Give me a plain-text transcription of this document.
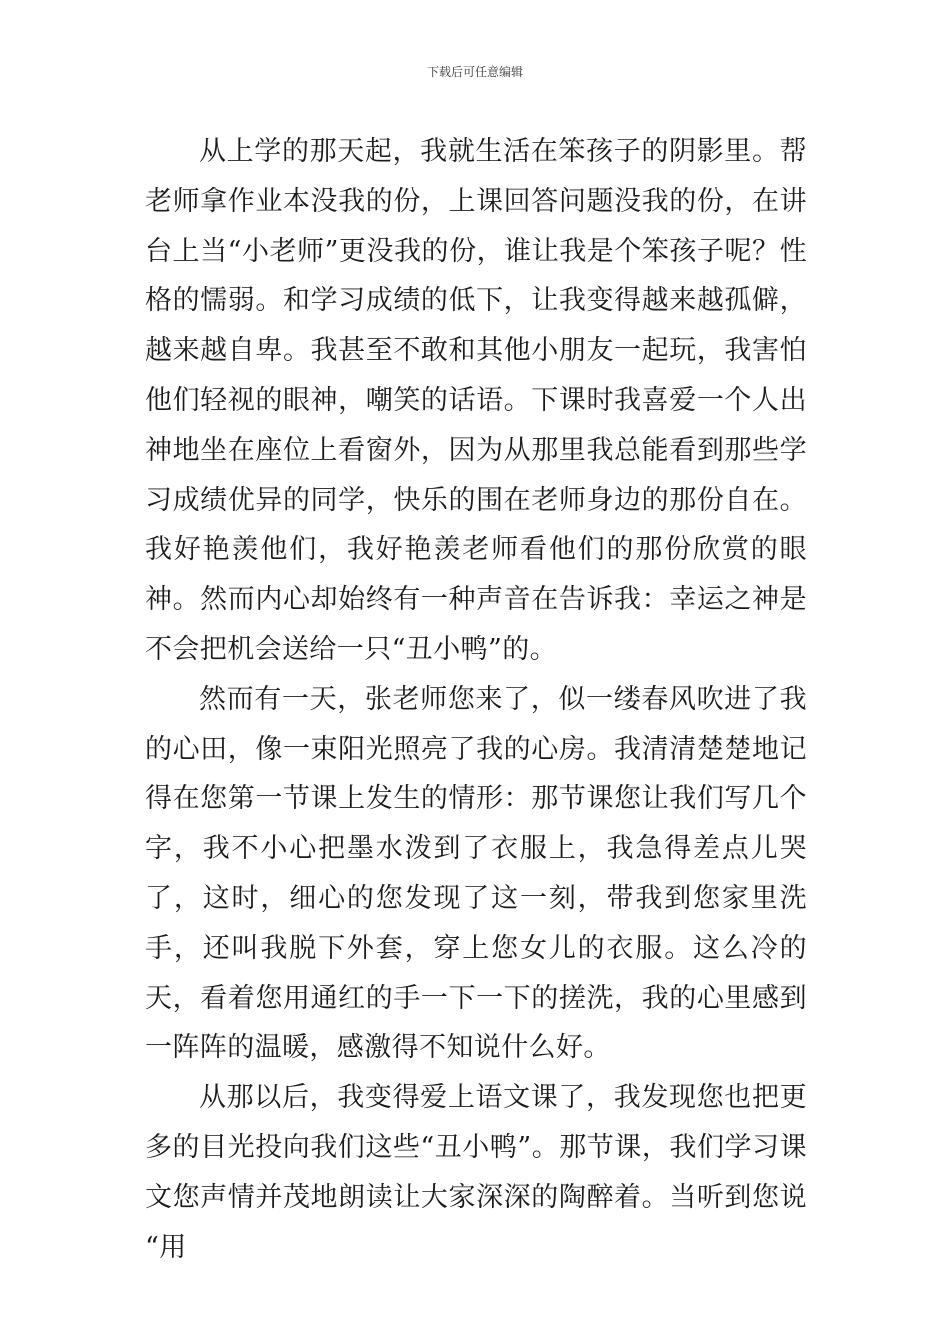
下载后可任意编辑

从上学的那天起，我就生活在笨孩子的阴影里。帮老师拿作业本没我的份，上课回答问题没我的份，在讲台上当“小老师”更没我的份，谁让我是个笨孩子呢？性格的懦弱。和学习成绩的低下，让我变得越来越孤僻，越来越自卑。我甚至不敢和其他小朋友一起玩，我害怕他们轻视的眼神，嘲笑的话语。下课时我喜爱一个人出神地坐在座位上看窗外，因为从那里我总能看到那些学习成绩优异的同学，快乐的围在老师身边的那份自在。我好艳羡他们，我好艳羡老师看他们的那份欣赏的眼神。然而内心却始终有一种声音在告诉我：幸运之神是不会把机会送给一只“丑小鸭”的。

然而有一天，张老师您来了，似一缕春风吹进了我的心田，像一束阳光照亮了我的心房。我清清楚楚地记得在您第一节课上发生的情形：那节课您让我们写几个字，我不小心把墨水泼到了衣服上，我急得差点儿哭了，这时，细心的您发现了这一刻，带我到您家里洗手，还叫我脱下外套，穿上您女儿的衣服。这么冷的天，看着您用通红的手一下一下的搓洗，我的心里感到一阵阵的温暖，感激得不知说什么好。

从那以后，我变得爱上语文课了，我发现您也把更多的目光投向我们这些“丑小鸭”。那节课，我们学习课文您声情并茂地朗读让大家深深的陶醉着。当听到您说 “用
